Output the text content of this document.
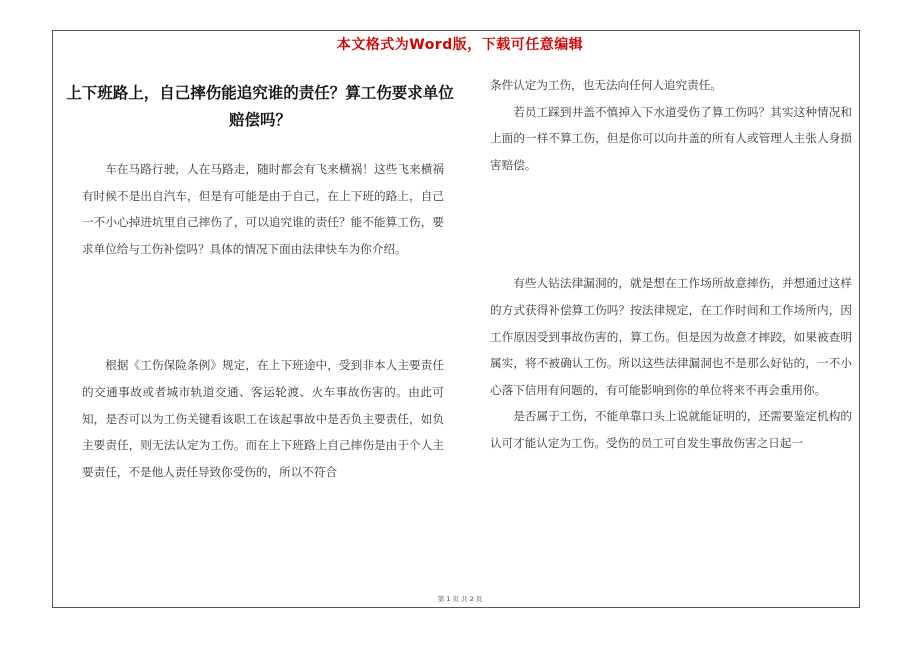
本文格式为Word版，下载可任意编辑
上下班路上，自己摔伤能追究谁的责任？算工伤要求单位赔偿吗？

车在马路行驶，人在马路走，随时都会有飞来横祸！这些飞来横祸有时候不是出自汽车，但是有可能是由于自己，在上下班的路上，自己一不小心掉进坑里自己摔伤了，可以追究谁的责任？能不能算工伤，要求单位给与工伤补偿吗？具体的情况下面由法律快车为你介绍。

根据《工伤保险条例》规定，在上下班途中，受到非本人主要责任的交通事故或者城市轨道交通、客运轮渡、火车事故伤害的。由此可知，是否可以为工伤关键看该职工在该起事故中是否负主要责任，如负主要责任，则无法认定为工伤。而在上下班路上自己摔伤是由于个人主要责任，不是他人责任导致你受伤的，所以不符合

条件认定为工伤，也无法向任何人追究责任。

若员工踩到井盖不慎掉入下水道受伤了算工伤吗？其实这种情况和上面的一样不算工伤，但是你可以向井盖的所有人或管理人主张人身损害赔偿。

有些人钻法律漏洞的，就是想在工作场所故意摔伤，并想通过这样的方式获得补偿算工伤吗？按法律规定，在工作时间和工作场所内，因工作原因受到事故伤害的，算工伤。但是因为故意才摔跤，如果被查明属实，将不被确认工伤。所以这些法律漏洞也不是那么好钻的，一不小心落下信用有问题的，有可能影响到你的单位将来不再会重用你。

是否属于工伤，不能单靠口头上说就能证明的，还需要鉴定机构的认可才能认定为工伤。受伤的员工可自发生事故伤害之日起一

第 1 页 共 2 页
